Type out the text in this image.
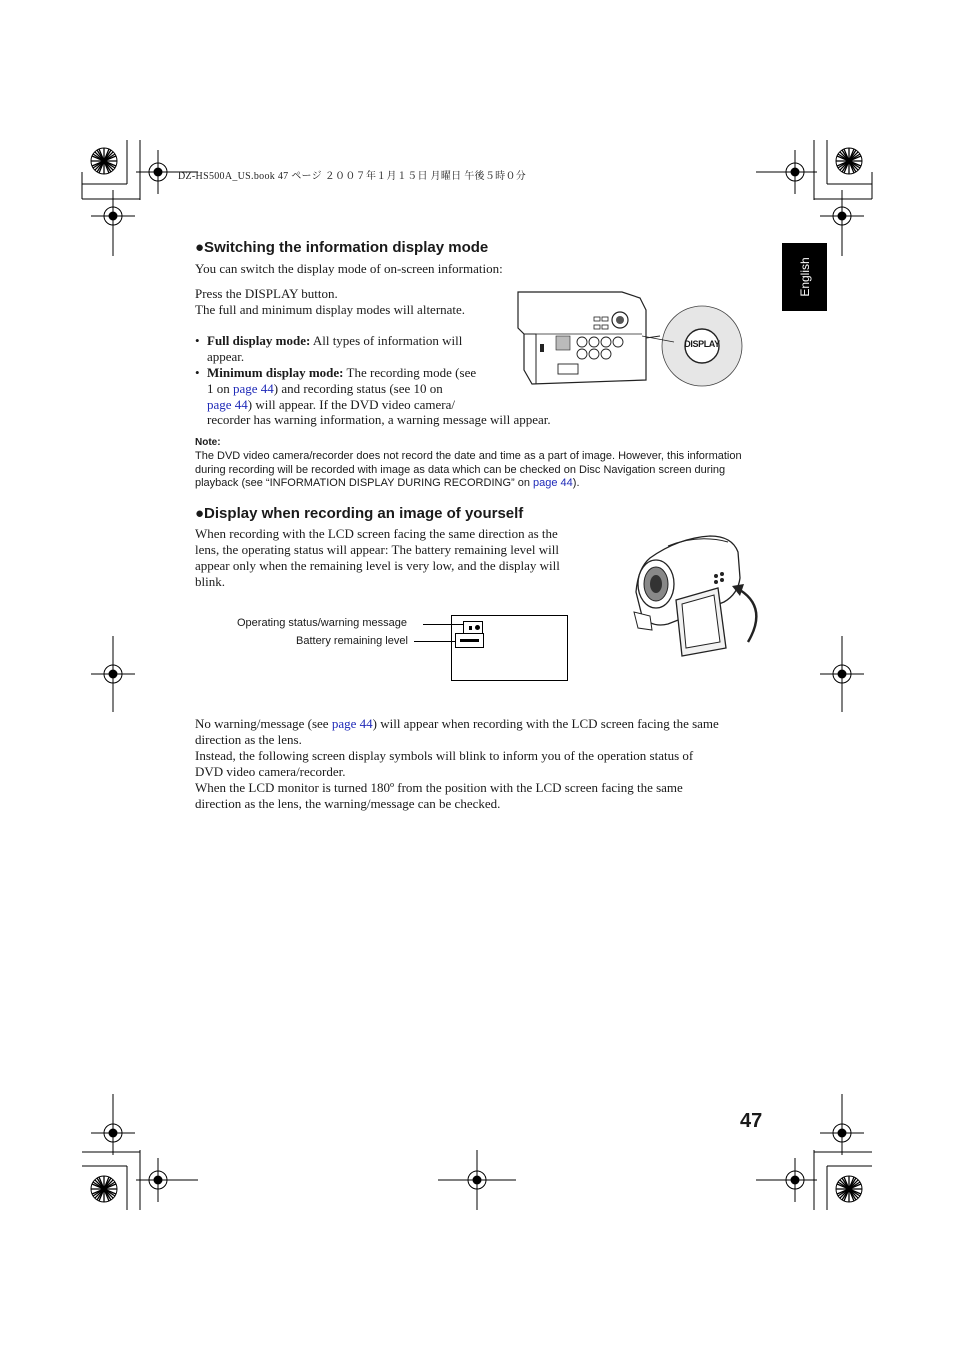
DZ-HS500A_US.book 47 ページ ２００７年１月１５日 月曜日 午後５時０分
English
●Switching the information display mode

You can switch the display mode of on-screen information:

Press the DISPLAY button.

The full and minimum display modes will alternate.

• Full display mode: All types of information will
appear.
• Minimum display mode: The recording mode (see
1 on page 44) and recording status (see 10 on
page 44) will appear. If the DVD video camera/
recorder has warning information, a warning message will appear.
DISPLAY
Note:
The DVD video camera/recorder does not record the date and time as a part of image. However, this information
during recording will be recorded with image as data which can be checked on Disc Navigation screen during
playback (see “INFORMATION DISPLAY DURING RECORDING” on page 44).
●Display when recording an image of yourself

When recording with the LCD screen facing the same direction as the

lens, the operating status will appear: The battery remaining level will

appear only when the remaining level is very low, and the display will

blink.

Operating status/warning message
Battery remaining level

No warning/message (see page 44) will appear when recording with the LCD screen facing the same

direction as the lens.

Instead, the following screen display symbols will blink to inform you of the operation status of

DVD video camera/recorder.

When the LCD monitor is turned 180º from the position with the LCD screen facing the same

direction as the lens, the warning/message can be checked.

47
